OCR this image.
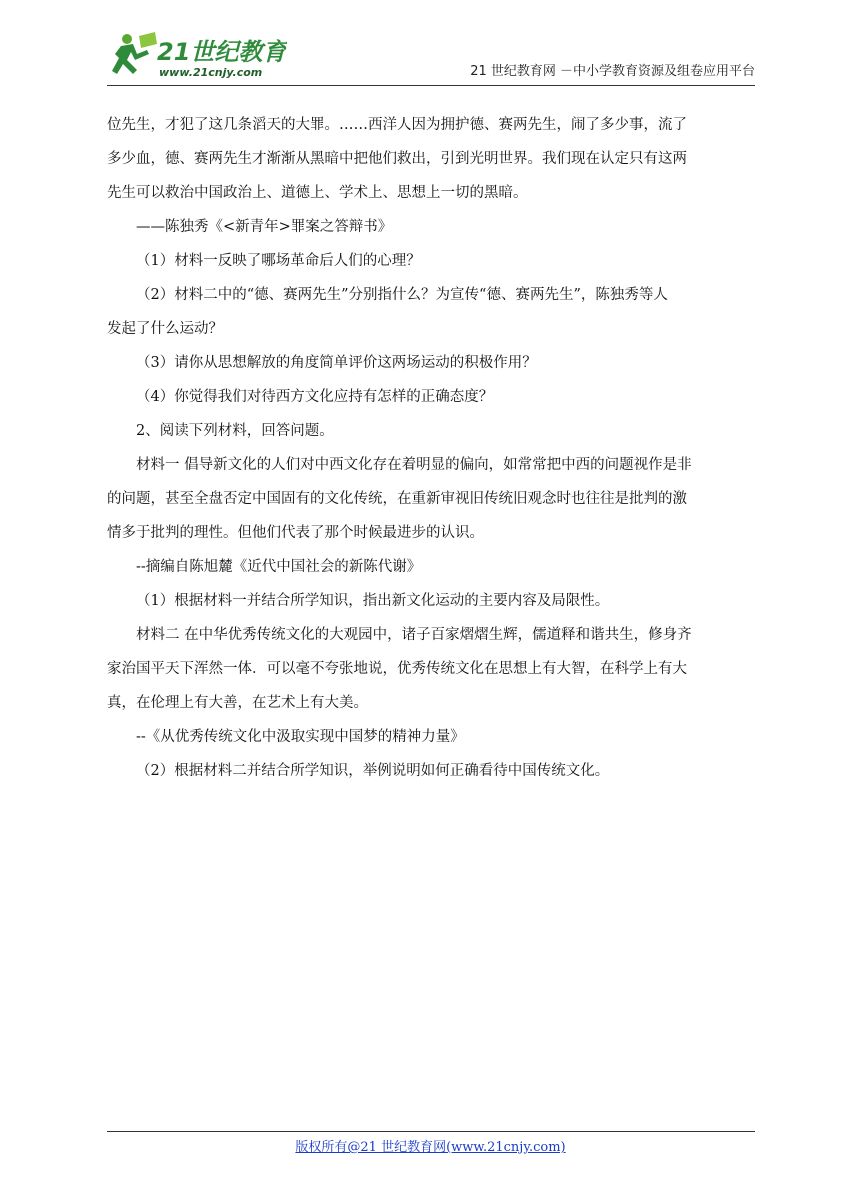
21世纪教育
www.21cnjy.com	21 世纪教育网 －中小学教育资源及组卷应用平台
位先生，才犯了这几条滔天的大罪。……西洋人因为拥护德、赛两先生，闹了多少事，流了
多少血，德、赛两先生才渐渐从黑暗中把他们救出，引到光明世界。我们现在认定只有这两
先生可以救治中国政治上、道德上、学术上、思想上一切的黑暗。
——陈独秀《<新青年>罪案之答辩书》
（1）材料一反映了哪场革命后人们的心理？
（2）材料二中的“德、赛两先生”分别指什么？为宣传“德、赛两先生”，陈独秀等人
发起了什么运动？
（3）请你从思想解放的角度简单评价这两场运动的积极作用？
（4）你觉得我们对待西方文化应持有怎样的正确态度？
2、阅读下列材料，回答问题。
材料一 倡导新文化的人们对中西文化存在着明显的偏向，如常常把中西的问题视作是非
的问题，甚至全盘否定中国固有的文化传统，在重新审视旧传统旧观念时也往往是批判的激
情多于批判的理性。但他们代表了那个时候最进步的认识。
--摘编自陈旭麓《近代中国社会的新陈代谢》
（1）根据材料一并结合所学知识，指出新文化运动的主要内容及局限性。
材料二 在中华优秀传统文化的大观园中，诸子百家熠熠生辉，儒道释和谐共生，修身齐
家治国平天下浑然一体．可以毫不夸张地说，优秀传统文化在思想上有大智，在科学上有大
真，在伦理上有大善，在艺术上有大美。
--《从优秀传统文化中汲取实现中国梦的精神力量》
（2）根据材料二并结合所学知识，举例说明如何正确看待中国传统文化。
版权所有@21 世纪教育网(www.21cnjy.com)
